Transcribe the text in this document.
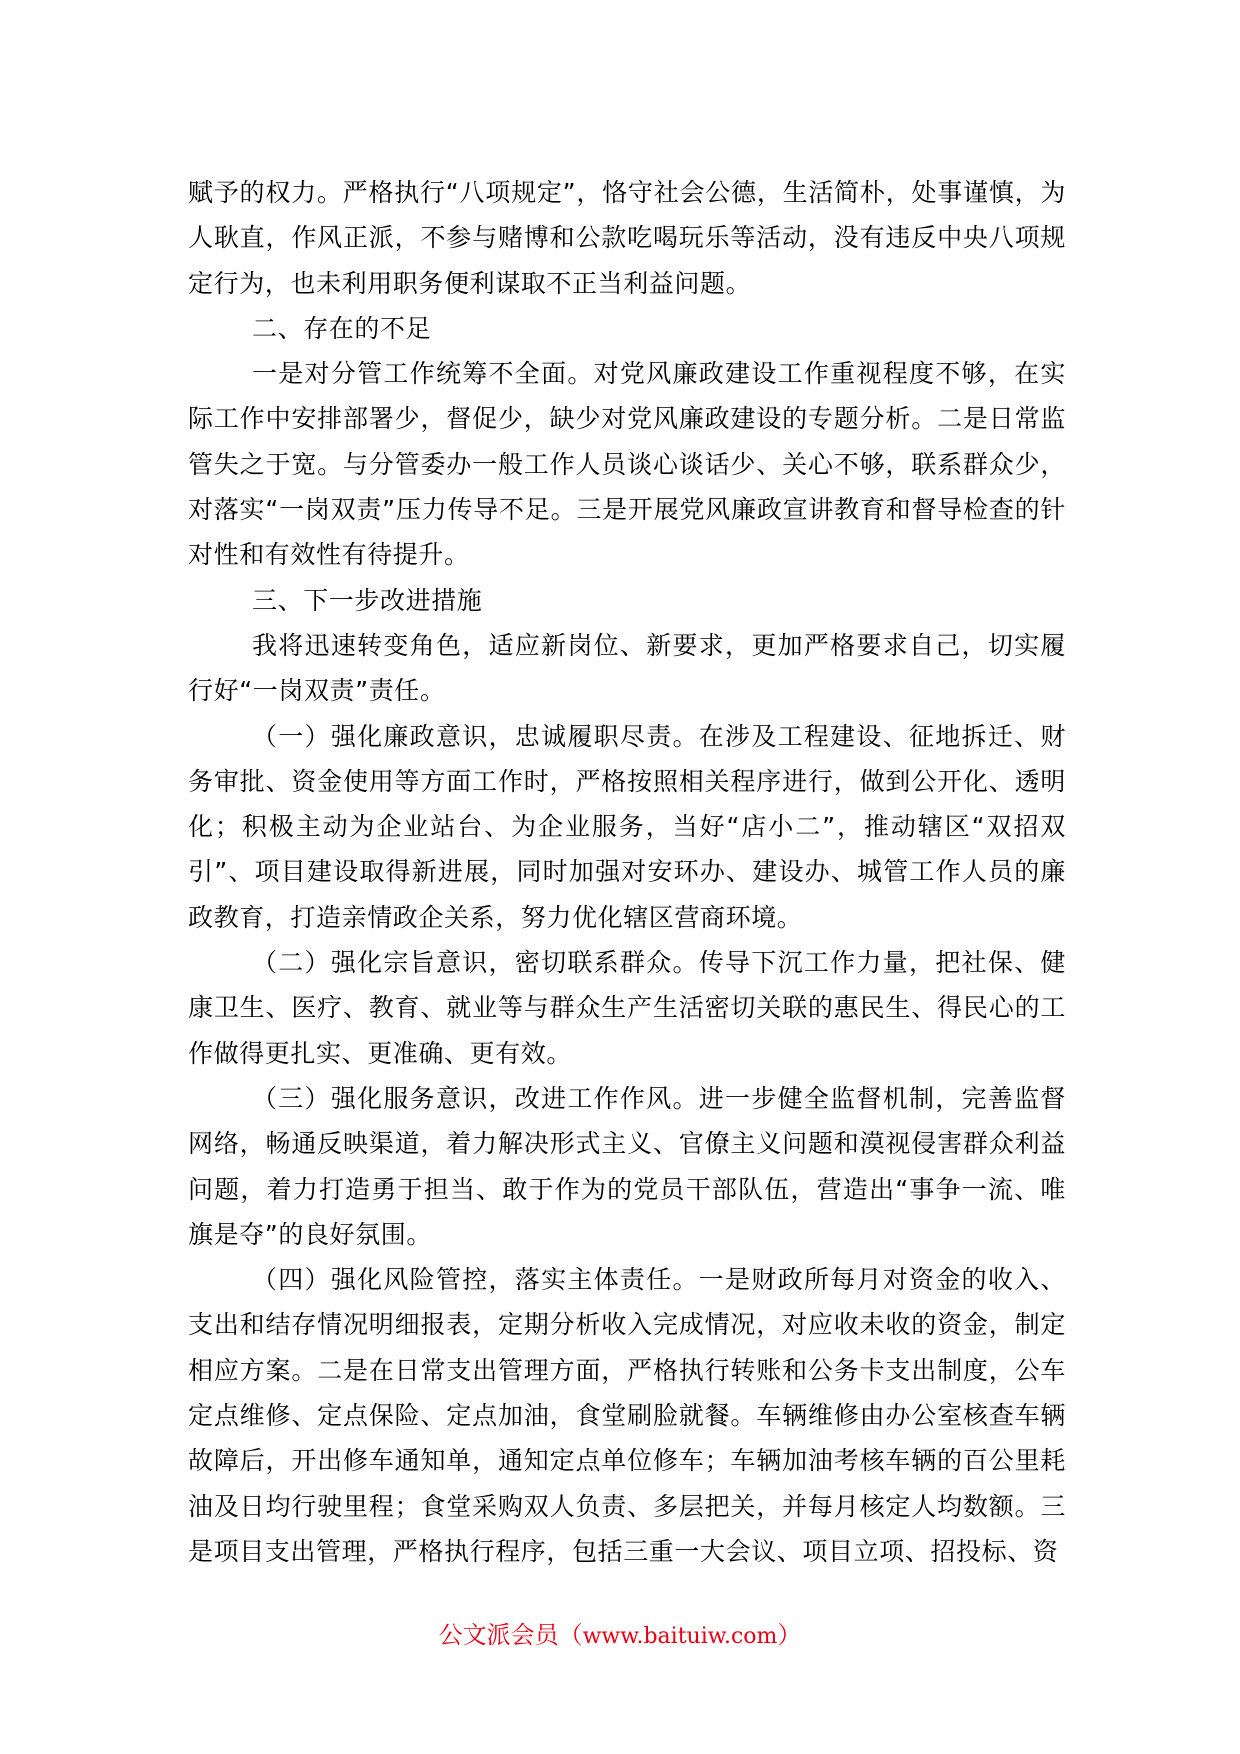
赋予的权力。严格执行“八项规定”，恪守社会公德，生活简朴，处事谨慎，为人耿直，作风正派，不参与赌博和公款吃喝玩乐等活动，没有违反中央八项规定行为，也未利用职务便利谋取不正当利益问题。

二、存在的不足

一是对分管工作统筹不全面。对党风廉政建设工作重视程度不够，在实际工作中安排部署少，督促少，缺少对党风廉政建设的专题分析。二是日常监管失之于宽。与分管委办一般工作人员谈心谈话少、关心不够，联系群众少，对落实“一岗双责”压力传导不足。三是开展党风廉政宣讲教育和督导检查的针对性和有效性有待提升。

三、下一步改进措施

我将迅速转变角色，适应新岗位、新要求，更加严格要求自己，切实履行好“一岗双责”责任。

（一）强化廉政意识，忠诚履职尽责。在涉及工程建设、征地拆迁、财务审批、资金使用等方面工作时，严格按照相关程序进行，做到公开化、透明化；积极主动为企业站台、为企业服务，当好“店小二”，推动辖区“双招双引”、项目建设取得新进展，同时加强对安环办、建设办、城管工作人员的廉政教育，打造亲情政企关系，努力优化辖区营商环境。

（二）强化宗旨意识，密切联系群众。传导下沉工作力量，把社保、健康卫生、医疗、教育、就业等与群众生产生活密切关联的惠民生、得民心的工作做得更扎实、更准确、更有效。

（三）强化服务意识，改进工作作风。进一步健全监督机制，完善监督网络，畅通反映渠道，着力解决形式主义、官僚主义问题和漠视侵害群众利益问题，着力打造勇于担当、敢于作为的党员干部队伍，营造出“事争一流、唯旗是夺”的良好氛围。

（四）强化风险管控，落实主体责任。一是财政所每月对资金的收入、支出和结存情况明细报表，定期分析收入完成情况，对应收未收的资金，制定相应方案。二是在日常支出管理方面，严格执行转账和公务卡支出制度，公车定点维修、定点保险、定点加油，食堂刷脸就餐。车辆维修由办公室核查车辆故障后，开出修车通知单，通知定点单位修车；车辆加油考核车辆的百公里耗油及日均行驶里程；食堂采购双人负责、多层把关，并每月核定人均数额。三是项目支出管理，严格执行程序，包括三重一大会议、项目立项、招投标、资

公文派会员（www.baituiw.com）
